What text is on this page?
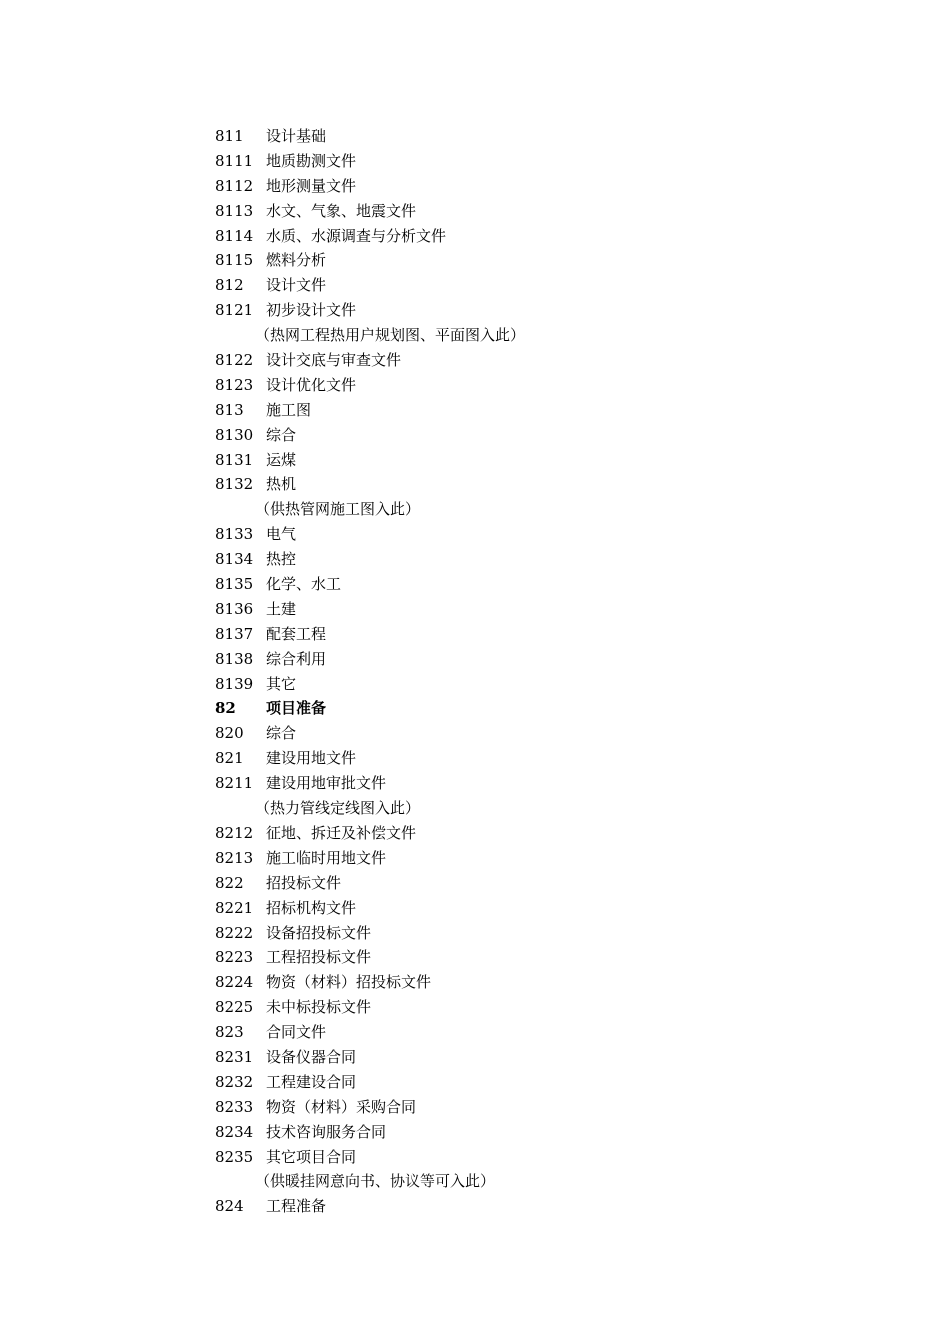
811 设计基础
8111 地质勘测文件
8112 地形测量文件
8113 水文、气象、地震文件
8114 水质、水源调查与分析文件
8115 燃料分析
812 设计文件
8121 初步设计文件
（热网工程热用户规划图、平面图入此）
8122 设计交底与审查文件
8123 设计优化文件
813 施工图
8130 综合
8131 运煤
8132 热机
（供热管网施工图入此）
8133 电气
8134 热控
8135 化学、水工
8136 土建
8137 配套工程
8138 综合利用
8139 其它
82 项目准备
820 综合
821 建设用地文件
8211 建设用地审批文件
（热力管线定线图入此）
8212 征地、拆迁及补偿文件
8213 施工临时用地文件
822 招投标文件
8221 招标机构文件
8222 设备招投标文件
8223 工程招投标文件
8224 物资（材料）招投标文件
8225 未中标投标文件
823 合同文件
8231 设备仪器合同
8232 工程建设合同
8233 物资（材料）采购合同
8234 技术咨询服务合同
8235 其它项目合同
（供暖挂网意向书、协议等可入此）
824 工程准备
